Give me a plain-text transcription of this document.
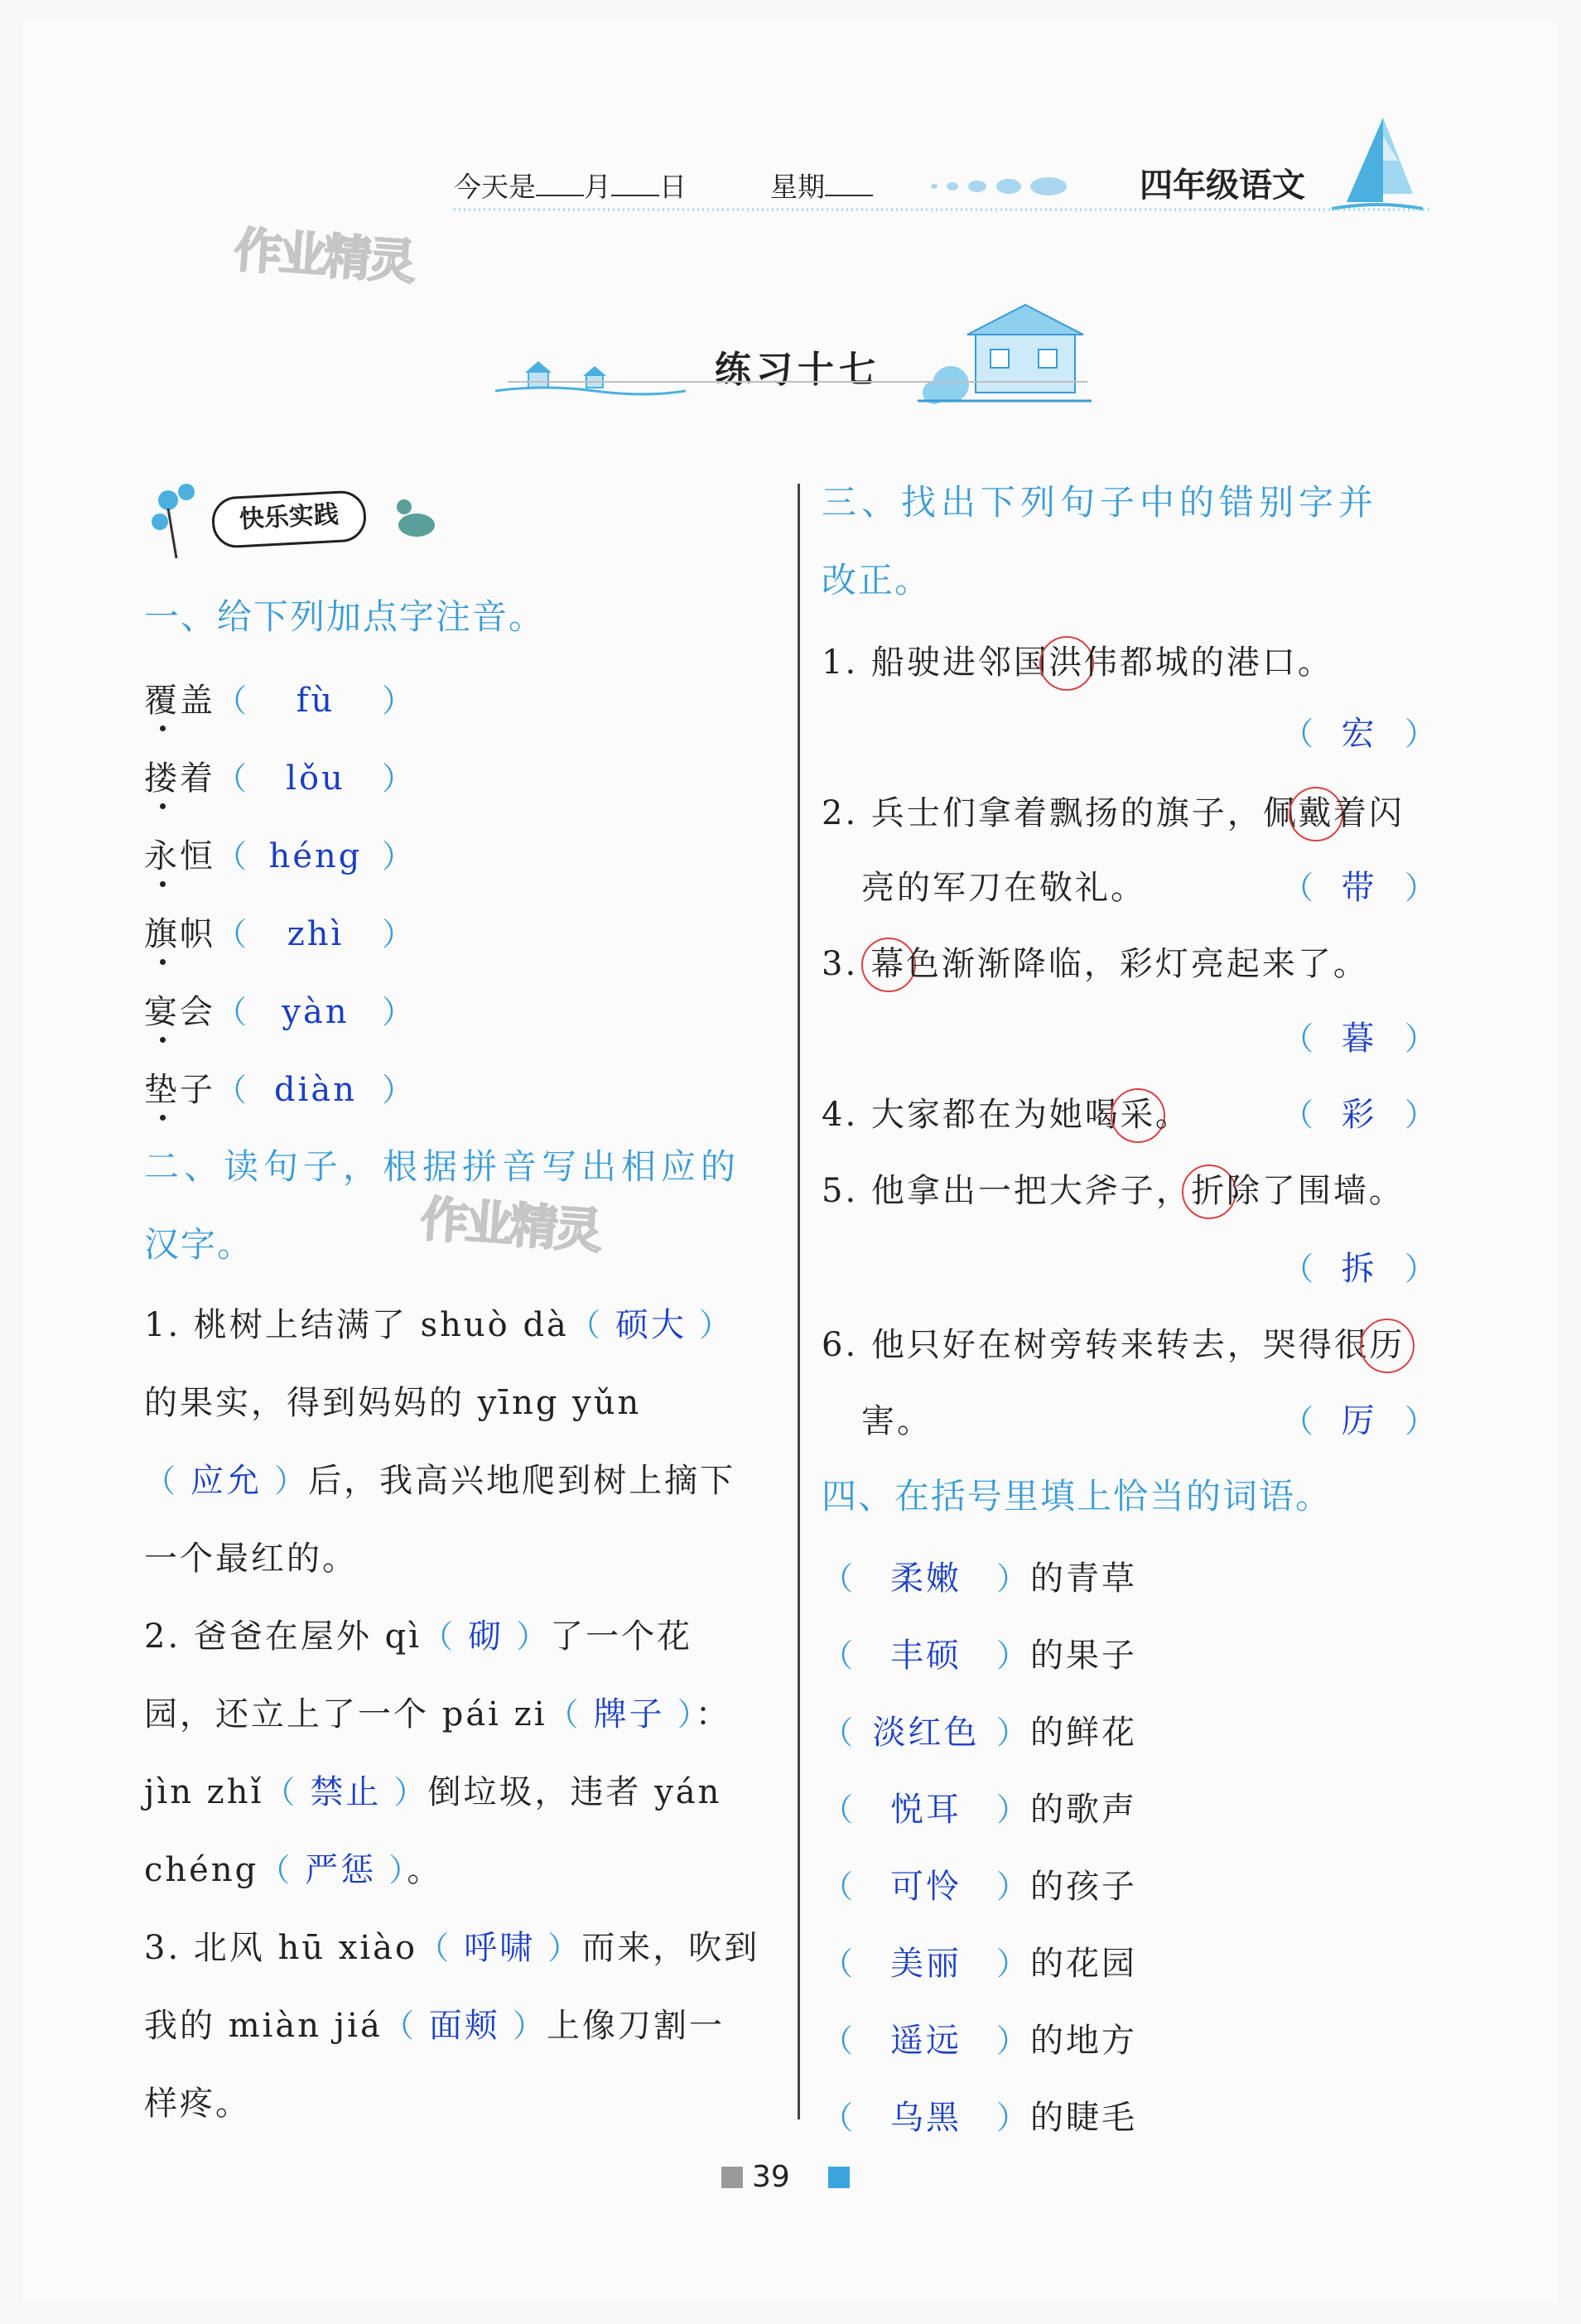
今天是 月 日	星期	四年级语文
作业精灵
作业精灵
练习十七
快乐实践
一、给下列加点字注音。
覆盖（ fù ）
搂着（ lǒu ）
永恒（ héng ）
旗帜（ zhì ）
宴会（ yàn ）
垫子（ diàn ）
二、读句子，根据拼音写出相应的
汉字。
1. 桃树上结满了 shuò dà（ 硕大 ）
的果实，得到妈妈的 yīng yǔn
（ 应允 ）后，我高兴地爬到树上摘下
一个最红的。
2. 爸爸在屋外 qì（ 砌 ）了一个花
园，还立上了一个 pái zi（ 牌子 ）：
jìn zhǐ（ 禁止 ）倒垃圾，违者 yán
chéng（ 严惩 ）。
3. 北风 hū xiào（ 呼啸 ）而来，吹到
我的 miàn jiá（ 面颊 ）上像刀割一
样疼。
三、找出下列句子中的错别字并
改正。
1. 船驶进邻国洪伟都城的港口。
（ 宏 ）
2. 兵士们拿着飘扬的旗子，佩戴着闪
亮的军刀在敬礼。	（ 带 ）
3. 幕色渐渐降临，彩灯亮起来了。
（ 暮 ）
4. 大家都在为她喝采。	（ 彩 ）
5. 他拿出一把大斧子，折除了围墙。
（ 拆 ）
6. 他只好在树旁转来转去，哭得很历
害。	（ 厉 ）
四、在括号里填上恰当的词语。
（ 柔嫩 ）的青草
（ 丰硕 ）的果子
（ 淡红色 ）的鲜花
（ 悦耳 ）的歌声
（ 可怜 ）的孩子
（ 美丽 ）的花园
（ 遥远 ）的地方
（ 乌黑 ）的睫毛
39
